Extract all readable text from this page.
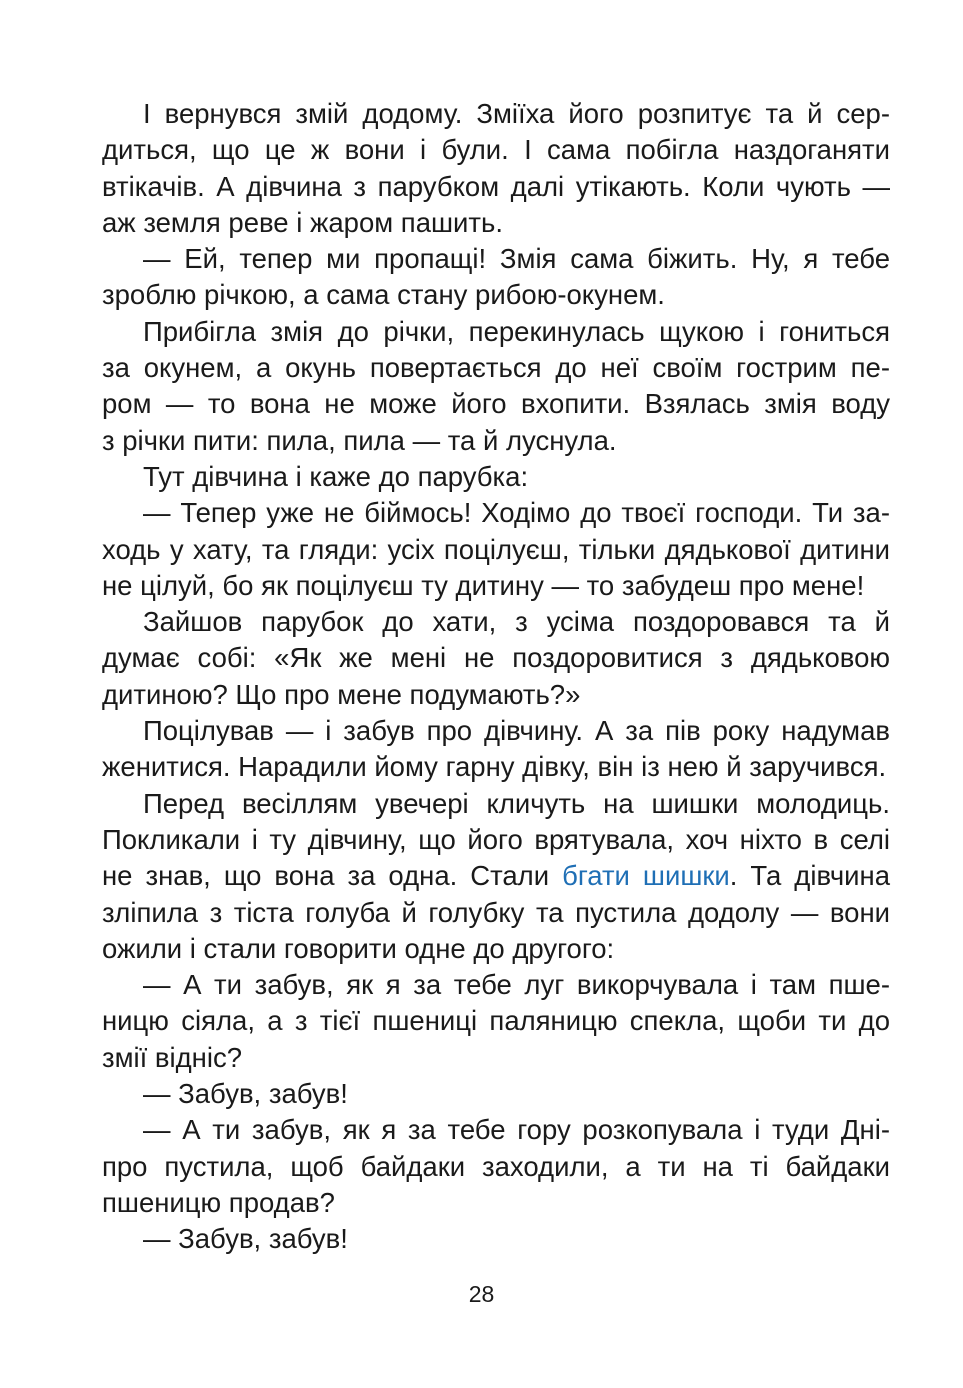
І вернувся змій додому. Змiїха його розпитує та й сер-
диться, що це ж вони і були. І сама побігла наздоганяти
втікачів. А дівчина з парубком далі утікають. Коли чують —
аж земля реве і жаром пашить.
— Ей, тепер ми пропащі! Змія сама біжить. Ну, я тебе
зроблю річкою, а сама стану рибою-окунем.
Прибігла змія до річки, перекинулась щукою і гониться
за окунем, а окунь повертається до неї своїм гострим пе-
ром — то вона не може його вхопити. Взялась змія воду
з річки пити: пила, пила — та й луснула.
Тут дівчина і каже до парубка:
— Тепер уже не біймось! Ходімо до твоєї господи. Ти за-
ходь у хату, та гляди: усіх поцілуєш, тільки дядькової дитини
не цілуй, бо як поцілуєш ту дитину — то забудеш про мене!
Зайшов парубок до хати, з усіма поздоровався та й
думає собі: «Як же мені не поздоровитися з дядьковою
дитиною? Що про мене подумають?»
Поцілував — і забув про дівчину. А за пів року надумав
женитися. Нарадили йому гарну дівку, він із нею й заручився.
Перед весіллям увечері кличуть на шишки молодиць.
Покликали і ту дівчину, що його врятувала, хоч ніхто в селі
не знав, що вона за одна. Стали бгати шишки. Та дівчина
зліпила з тіста голуба й голубку та пустила додолу — вони
ожили і стали говорити одне до другого:
— А ти забув, як я за тебе луг викорчувала і там пше-
ницю сіяла, а з тієї пшениці паляницю спекла, щоби ти до
змії відніс?
— Забув, забув!
— А ти забув, як я за тебе гору розкопувала і туди Дні-
про пустила, щоб байдаки заходили, а ти на ті байдаки
пшеницю продав?
— Забув, забув!
28
